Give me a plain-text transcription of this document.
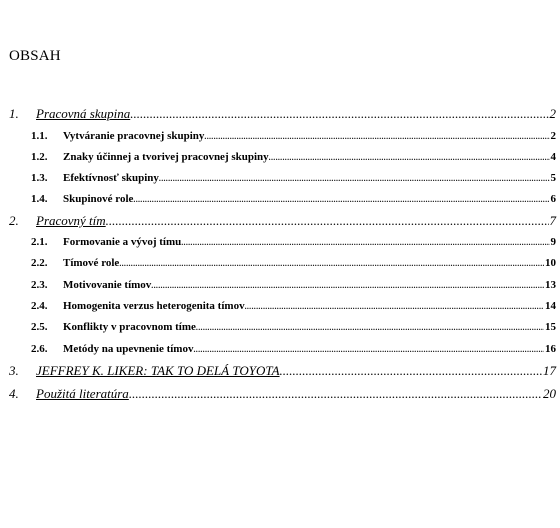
OBSAH
1.	Pracovná skupina .....	2
1.1.	Vytváranie pracovnej skupiny .....	2
1.2.	Znaky účinnej a tvorivej pracovnej skupiny .....	4
1.3.	Efektívnosť skupiny .....	5
1.4.	Skupinové role .....	6
2.	Pracovný tím .....	7
2.1.	Formovanie a vývoj tímu .....	9
2.2.	Tímové role .....	10
2.3.	Motivovanie tímov .....	13
2.4.	Homogenita verzus heterogenita tímov .....	14
2.5.	Konflikty v pracovnom tíme .....	15
2.6.	Metódy na upevnenie tímov .....	16
3.	JEFFREY K. LIKER: TAK TO DELÁ TOYOTA .....	17
4.	Použitá literatúra .....	20
